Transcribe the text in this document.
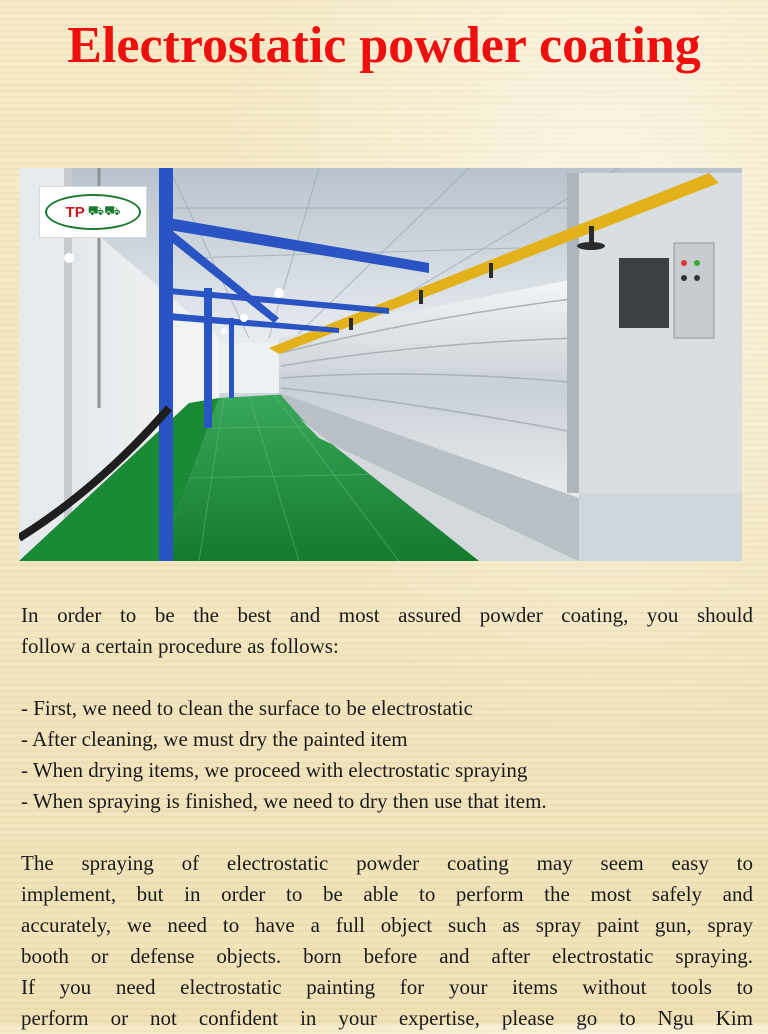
Electrostatic powder coating
TP ⛟⛟

In order to be the best and most assured powder coating, you should

follow a certain procedure as follows:

- First, we need to clean the surface to be electrostatic

- After cleaning, we must dry the painted item

- When drying items, we proceed with electrostatic spraying

- When spraying is finished, we need to dry then use that item.

The spraying of electrostatic powder coating may seem easy to

implement, but in order to be able to perform the most safely and

accurately, we need to have a full object such as spray paint gun, spray

booth or defense objects. born before and after electrostatic spraying.

If you need electrostatic painting for your items without tools to

perform or not confident in your expertise, please go to Ngu Kim
